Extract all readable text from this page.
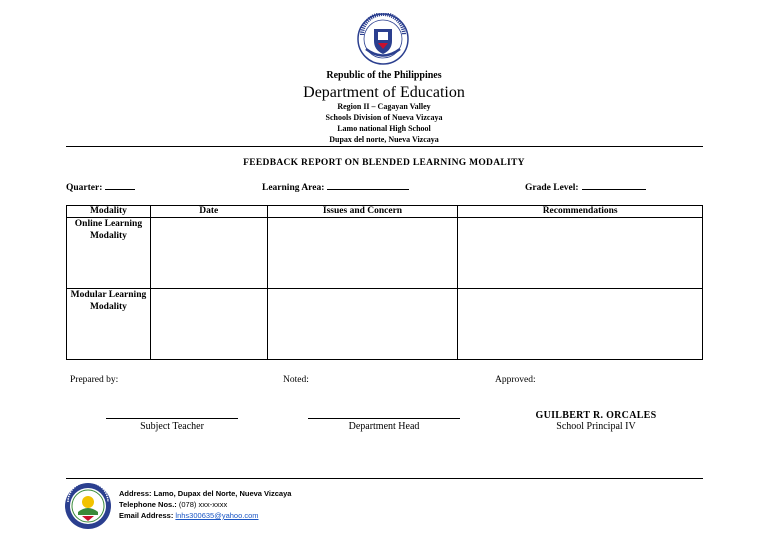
Republic of the Philippines
Department of Education
Region II – Cagayan Valley
Schools Division of Nueva Vizcaya
Lamo national High School
Dupax del norte, Nueva Vizcaya
FEEDBACK REPORT ON BLENDED LEARNING MODALITY
Quarter:	Learning Area:	Grade Level:
Modality	Date	Issues and Concern	Recommendations
Online Learning Modality			
Modular Learning Modality			
Prepared by:	Noted:	Approved:
Subject Teacher	Department Head
GUILBERT R. ORCALES
School Principal IV
Address: Lamo, Dupax del Norte, Nueva Vizcaya
Telephone Nos.: (078) xxx-xxxx
Email Address: lnhs300635@yahoo.com
